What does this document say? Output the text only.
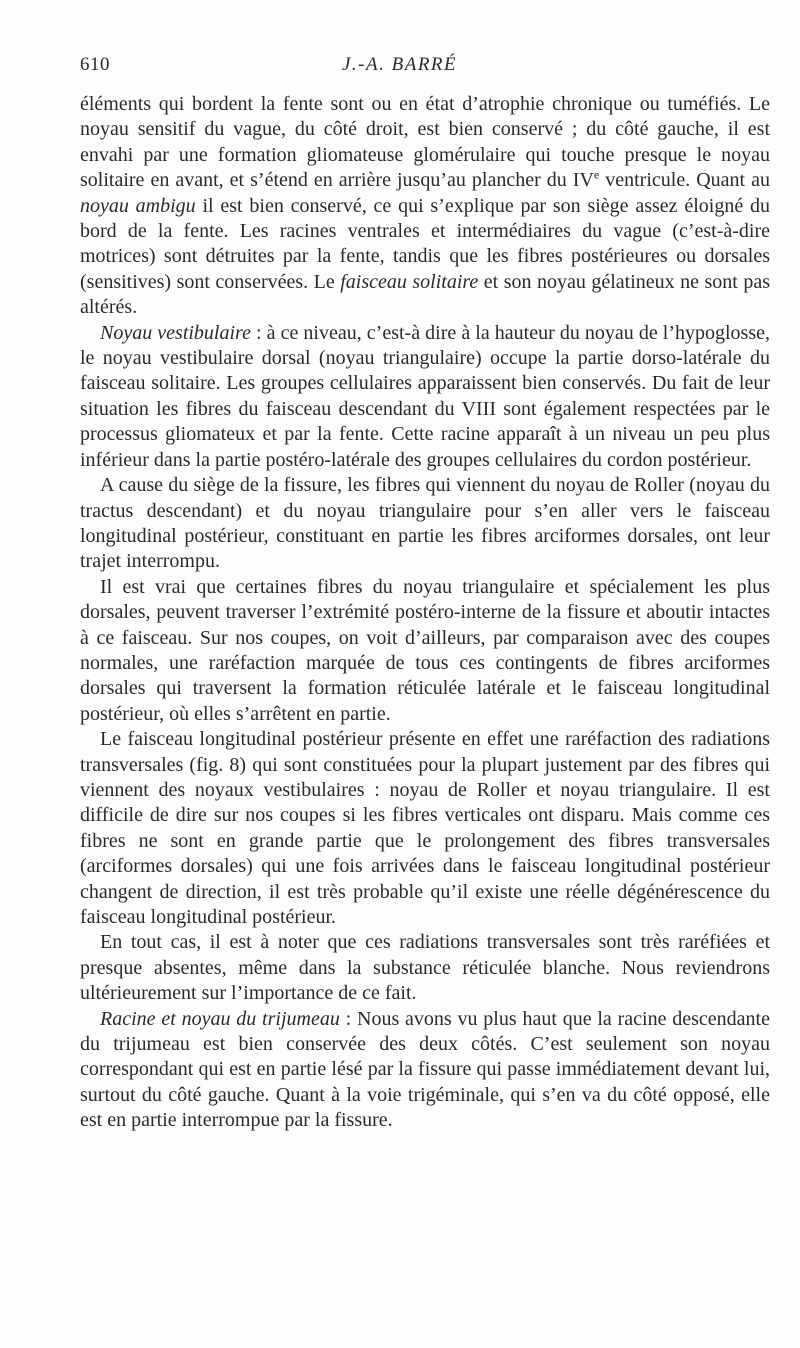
610	J.-A. BARRÉ

éléments qui bordent la fente sont ou en état d’atrophie chronique ou tuméfiés. Le noyau sensitif du vague, du côté droit, est bien conservé ; du côté gauche, il est envahi par une formation gliomateuse glomérulaire qui touche presque le noyau solitaire en avant, et s’étend en arrière jusqu’au plancher du IVe ventricule. Quant au noyau ambigu il est bien conservé, ce qui s’explique par son siège assez éloigné du bord de la fente. Les racines ventrales et intermédiaires du vague (c’est-à-dire motrices) sont détruites par la fente, tandis que les fibres postérieures ou dorsales (sensitives) sont conservées. Le faisceau solitaire et son noyau gélatineux ne sont pas altérés.

Noyau vestibulaire : à ce niveau, c’est-à dire à la hauteur du noyau de l’hypoglosse, le noyau vestibulaire dorsal (noyau triangulaire) occupe la partie dorso-latérale du faisceau solitaire. Les groupes cellulaires apparaissent bien conservés. Du fait de leur situation les fibres du faisceau descendant du VIII sont également respectées par le processus gliomateux et par la fente. Cette racine apparaît à un niveau un peu plus inférieur dans la partie postéro-latérale des groupes cellulaires du cordon postérieur.

A cause du siège de la fissure, les fibres qui viennent du noyau de Roller (noyau du tractus descendant) et du noyau triangulaire pour s’en aller vers le faisceau longitudinal postérieur, constituant en partie les fibres arciformes dorsales, ont leur trajet interrompu.

Il est vrai que certaines fibres du noyau triangulaire et spécialement les plus dorsales, peuvent traverser l’extrémité postéro-interne de la fissure et aboutir intactes à ce faisceau. Sur nos coupes, on voit d’ailleurs, par comparaison avec des coupes normales, une raréfaction marquée de tous ces contingents de fibres arciformes dorsales qui traversent la formation réticulée latérale et le faisceau longitudinal postérieur, où elles s’arrêtent en partie.

Le faisceau longitudinal postérieur présente en effet une raréfaction des radiations transversales (fig. 8) qui sont constituées pour la plupart justement par des fibres qui viennent des noyaux vestibulaires : noyau de Roller et noyau triangulaire. Il est difficile de dire sur nos coupes si les fibres verticales ont disparu. Mais comme ces fibres ne sont en grande partie que le prolongement des fibres transversales (arciformes dorsales) qui une fois arrivées dans le faisceau longitudinal postérieur changent de direction, il est très probable qu’il existe une réelle dégénérescence du faisceau longitudinal postérieur.

En tout cas, il est à noter que ces radiations transversales sont très raréfiées et presque absentes, même dans la substance réticulée blanche. Nous reviendrons ultérieurement sur l’importance de ce fait.

Racine et noyau du trijumeau : Nous avons vu plus haut que la racine descendante du trijumeau est bien conservée des deux côtés. C’est seulement son noyau correspondant qui est en partie lésé par la fissure qui passe immédiatement devant lui, surtout du côté gauche. Quant à la voie trigéminale, qui s’en va du côté opposé, elle est en partie interrompue par la fissure.
